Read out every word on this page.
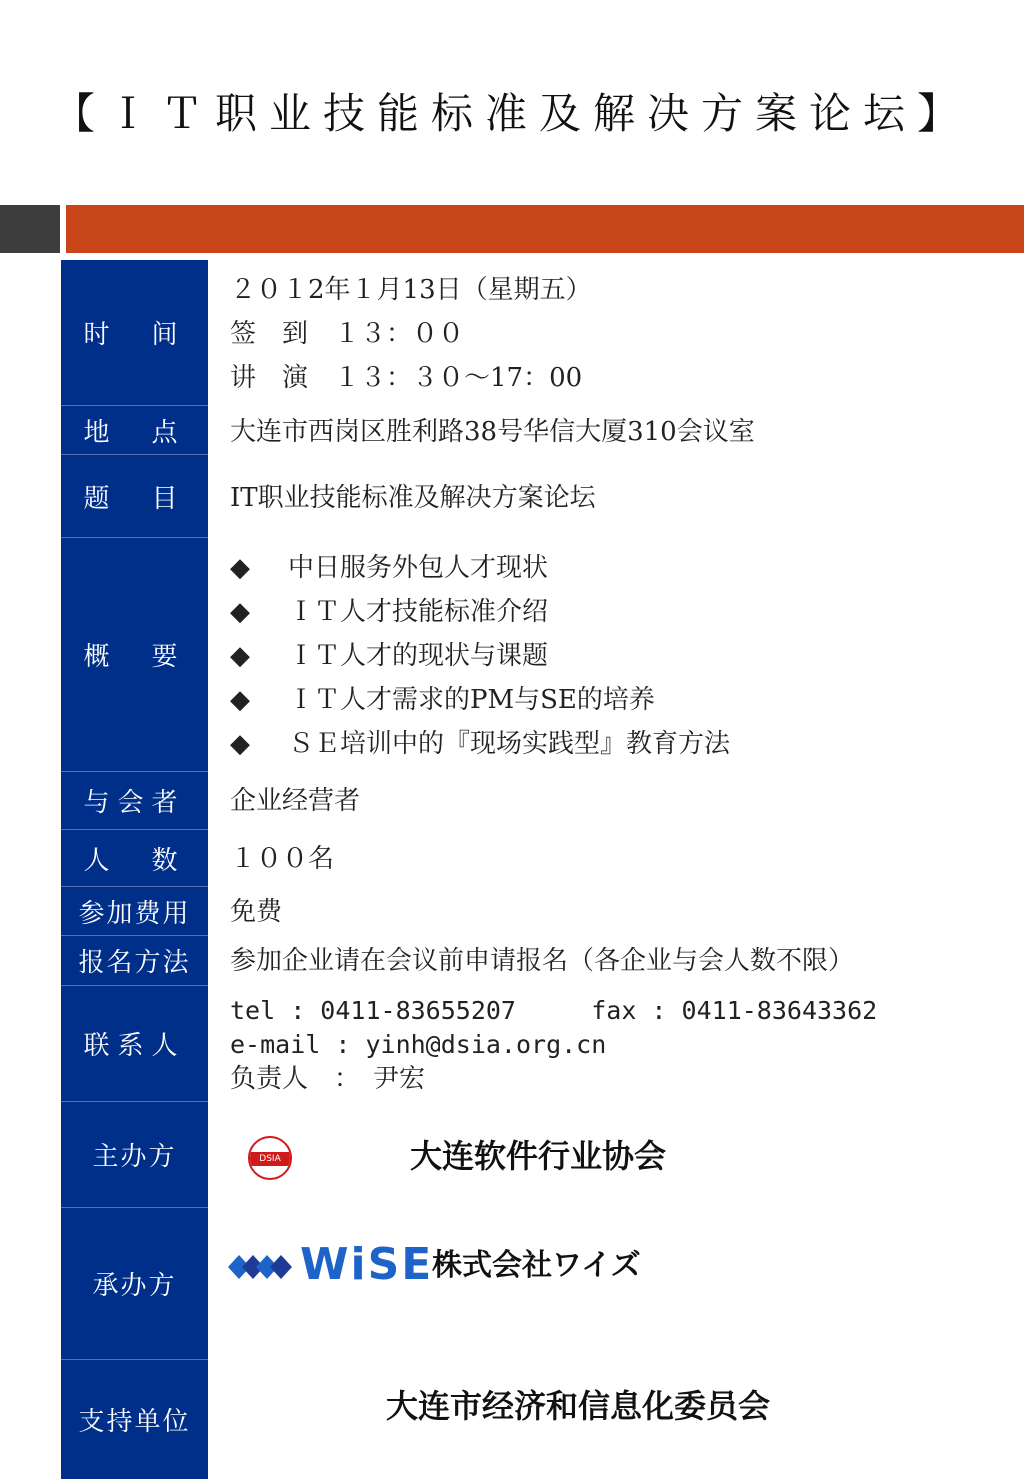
【ＩＴ职业技能标准及解决方案论坛】
时　间
２０１2年１月13日（星期五）
签　到　１３：００
讲　演　１３：３０～17：00
地　点	大连市西岗区胜利路38号华信大厦310会议室
题　目	IT职业技能标准及解决方案论坛
概　要
◆ 中日服务外包人才现状
◆ ＩＴ人才技能标准介绍
◆ ＩＴ人才的现状与课题
◆ ＩＴ人才需求的PM与SE的培养
◆ ＳＥ培训中的『现场实践型』教育方法
与会者	企业经营者
人　数	１００名
参加费用	免费
报名方法	参加企业请在会议前申请报名（各企业与会人数不限）
联系人
tel : 0411-83655207     fax : 0411-83643362
e-mail : yinh@dsia.org.cn
负责人　：　尹宏
主办方	DSIA	大连软件行业协会
承办方	WiSE
株式会社ワイズ
支持单位	大连市经济和信息化委员会
